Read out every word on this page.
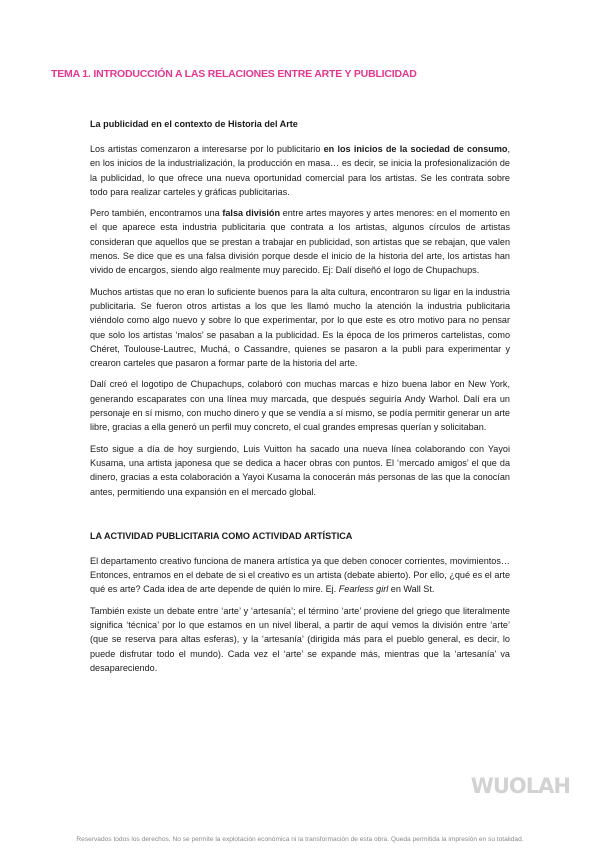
TEMA 1. INTRODUCCIÓN A LAS RELACIONES ENTRE ARTE Y PUBLICIDAD
La publicidad en el contexto de Historia del Arte

Los artistas comenzaron a interesarse por lo publicitario en los inicios de la sociedad de consumo, en los inicios de la industrialización, la producción en masa… es decir, se inicia la profesionalización de la publicidad, lo que ofrece una nueva oportunidad comercial para los artistas. Se les contrata sobre todo para realizar carteles y gráficas publicitarias.

Pero también, encontramos una falsa división entre artes mayores y artes menores: en el momento en el que aparece esta industria publicitaria que contrata a los artistas, algunos círculos de artistas consideran que aquellos que se prestan a trabajar en publicidad, son artistas que se rebajan, que valen menos. Se dice que es una falsa división porque desde el inicio de la historia del arte, los artistas han vivido de encargos, siendo algo realmente muy parecido. Ej: Dalí diseñó el logo de Chupachups.

Muchos artistas que no eran lo suficiente buenos para la alta cultura, encontraron su ligar en la industria publicitaria. Se fueron otros artistas a los que les llamó mucho la atención la industria publicitaria viéndolo como algo nuevo y sobre lo que experimentar, por lo que este es otro motivo para no pensar que solo los artistas ‘malos’ se pasaban a la publicidad. Es la época de los primeros cartelistas, como Chéret, Toulouse-Lautrec, Muchá, o Cassandre, quienes se pasaron a la publi para experimentar y crearon carteles que pasaron a formar parte de la historia del arte.

Dalí creó el logotipo de Chupachups, colaboró con muchas marcas e hizo buena labor en New York, generando escaparates con una línea muy marcada, que después seguiría Andy Warhol. Dalí era un personaje en sí mismo, con mucho dinero y que se vendía a sí mismo, se podía permitir generar un arte libre, gracias a ella generó un perfil muy concreto, el cual grandes empresas querían y solicitaban.

Esto sigue a día de hoy surgiendo, Luis Vuitton ha sacado una nueva línea colaborando con Yayoi Kusama, una artista japonesa que se dedica a hacer obras con puntos. El ‘mercado amigos’ el que da dinero, gracias a esta colaboración a Yayoi Kusama la conocerán más personas de las que la conocían antes, permitiendo una expansión en el mercado global.

LA ACTIVIDAD PUBLICITARIA COMO ACTIVIDAD ARTÍSTICA

El departamento creativo funciona de manera artística ya que deben conocer corrientes, movimientos… Entonces, entramos en el debate de si el creativo es un artista (debate abierto). Por ello, ¿qué es el arte qué es arte? Cada idea de arte depende de quién lo mire. Ej. Fearless girl en Wall St.

También existe un debate entre ‘arte’ y ‘artesanía’; el término ‘arte’ proviene del griego que literalmente significa ‘técnica’ por lo que estamos en un nivel liberal, a partir de aquí vemos la división entre ‘arte’ (que se reserva para altas esferas), y la ‘artesanía’ (dirigida más para el pueblo general, es decir, lo puede disfrutar todo el mundo). Cada vez el ‘arte’ se expande más, mientras que la ‘artesanía’ va desapareciendo.

WUOLAH
Reservados todos los derechos. No se permite la explotación económica ni la transformación de esta obra. Queda permitida la impresión en su totalidad.
